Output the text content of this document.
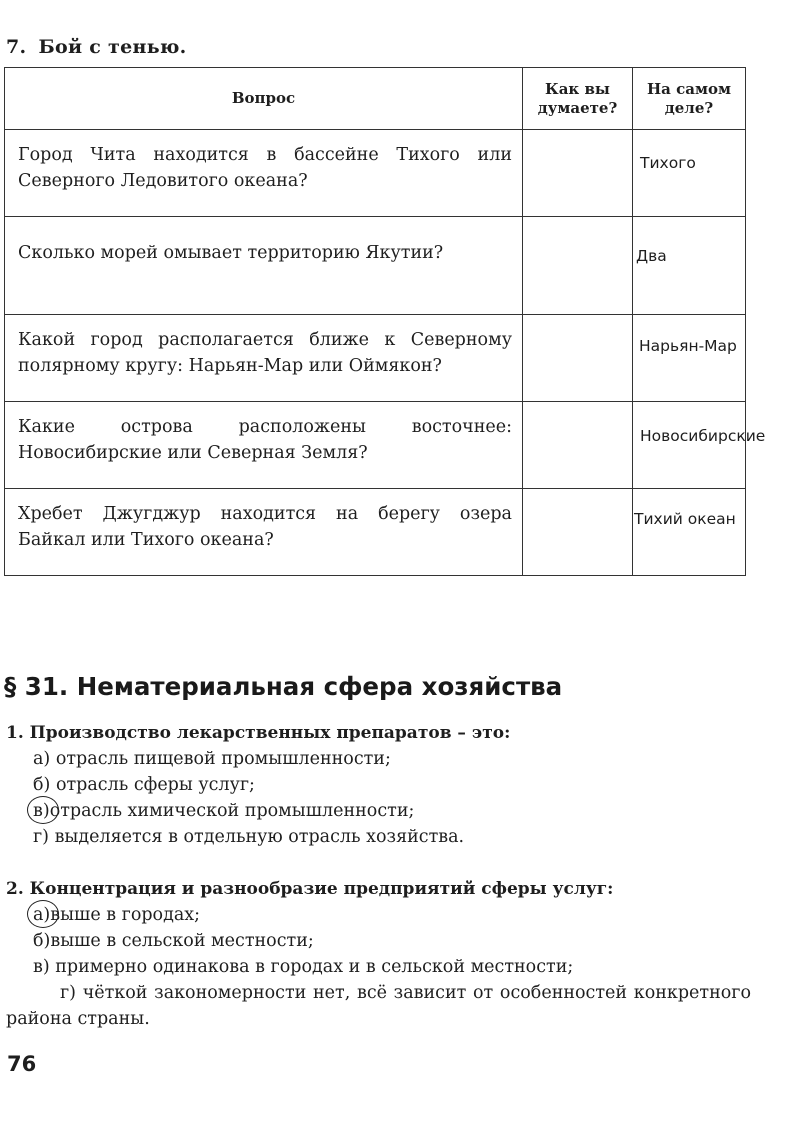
7. Бой с тенью.
Вопрос	Как вы думаете?	На самом деле?
Город Чита находится в бассейне Тихого или Северного Ледовитого океана?		Тихого

Сколько морей омывает территорию Якутии?		Два

Какой город располагается ближе к Северному полярному кругу: Нарьян-Мар или Оймякон?		Нарьян-Мар

Какие острова расположены восточнее: Новосибирские или Северная Земля?		Новосибирские

Хребет Джугджур находится на берегу озера Байкал или Тихого океана?		Тихий океан
§ 31. Нематериальная сфера хозяйства

1. Производство лекарственных препаратов – это:

а) отрасль пищевой промышленности;

б) отрасль сферы услуг;

в)отрасль химической промышленности;

г) выделяется в отдельную отрасль хозяйства.

2. Концентрация и разнообразие предприятий сферы услуг:

а)выше в городах;

б)выше в сельской местности;

в) примерно одинакова в городах и в сельской местности;

г) чёткой закономерности нет, всё зависит от особенностей конкретного района страны.

76
